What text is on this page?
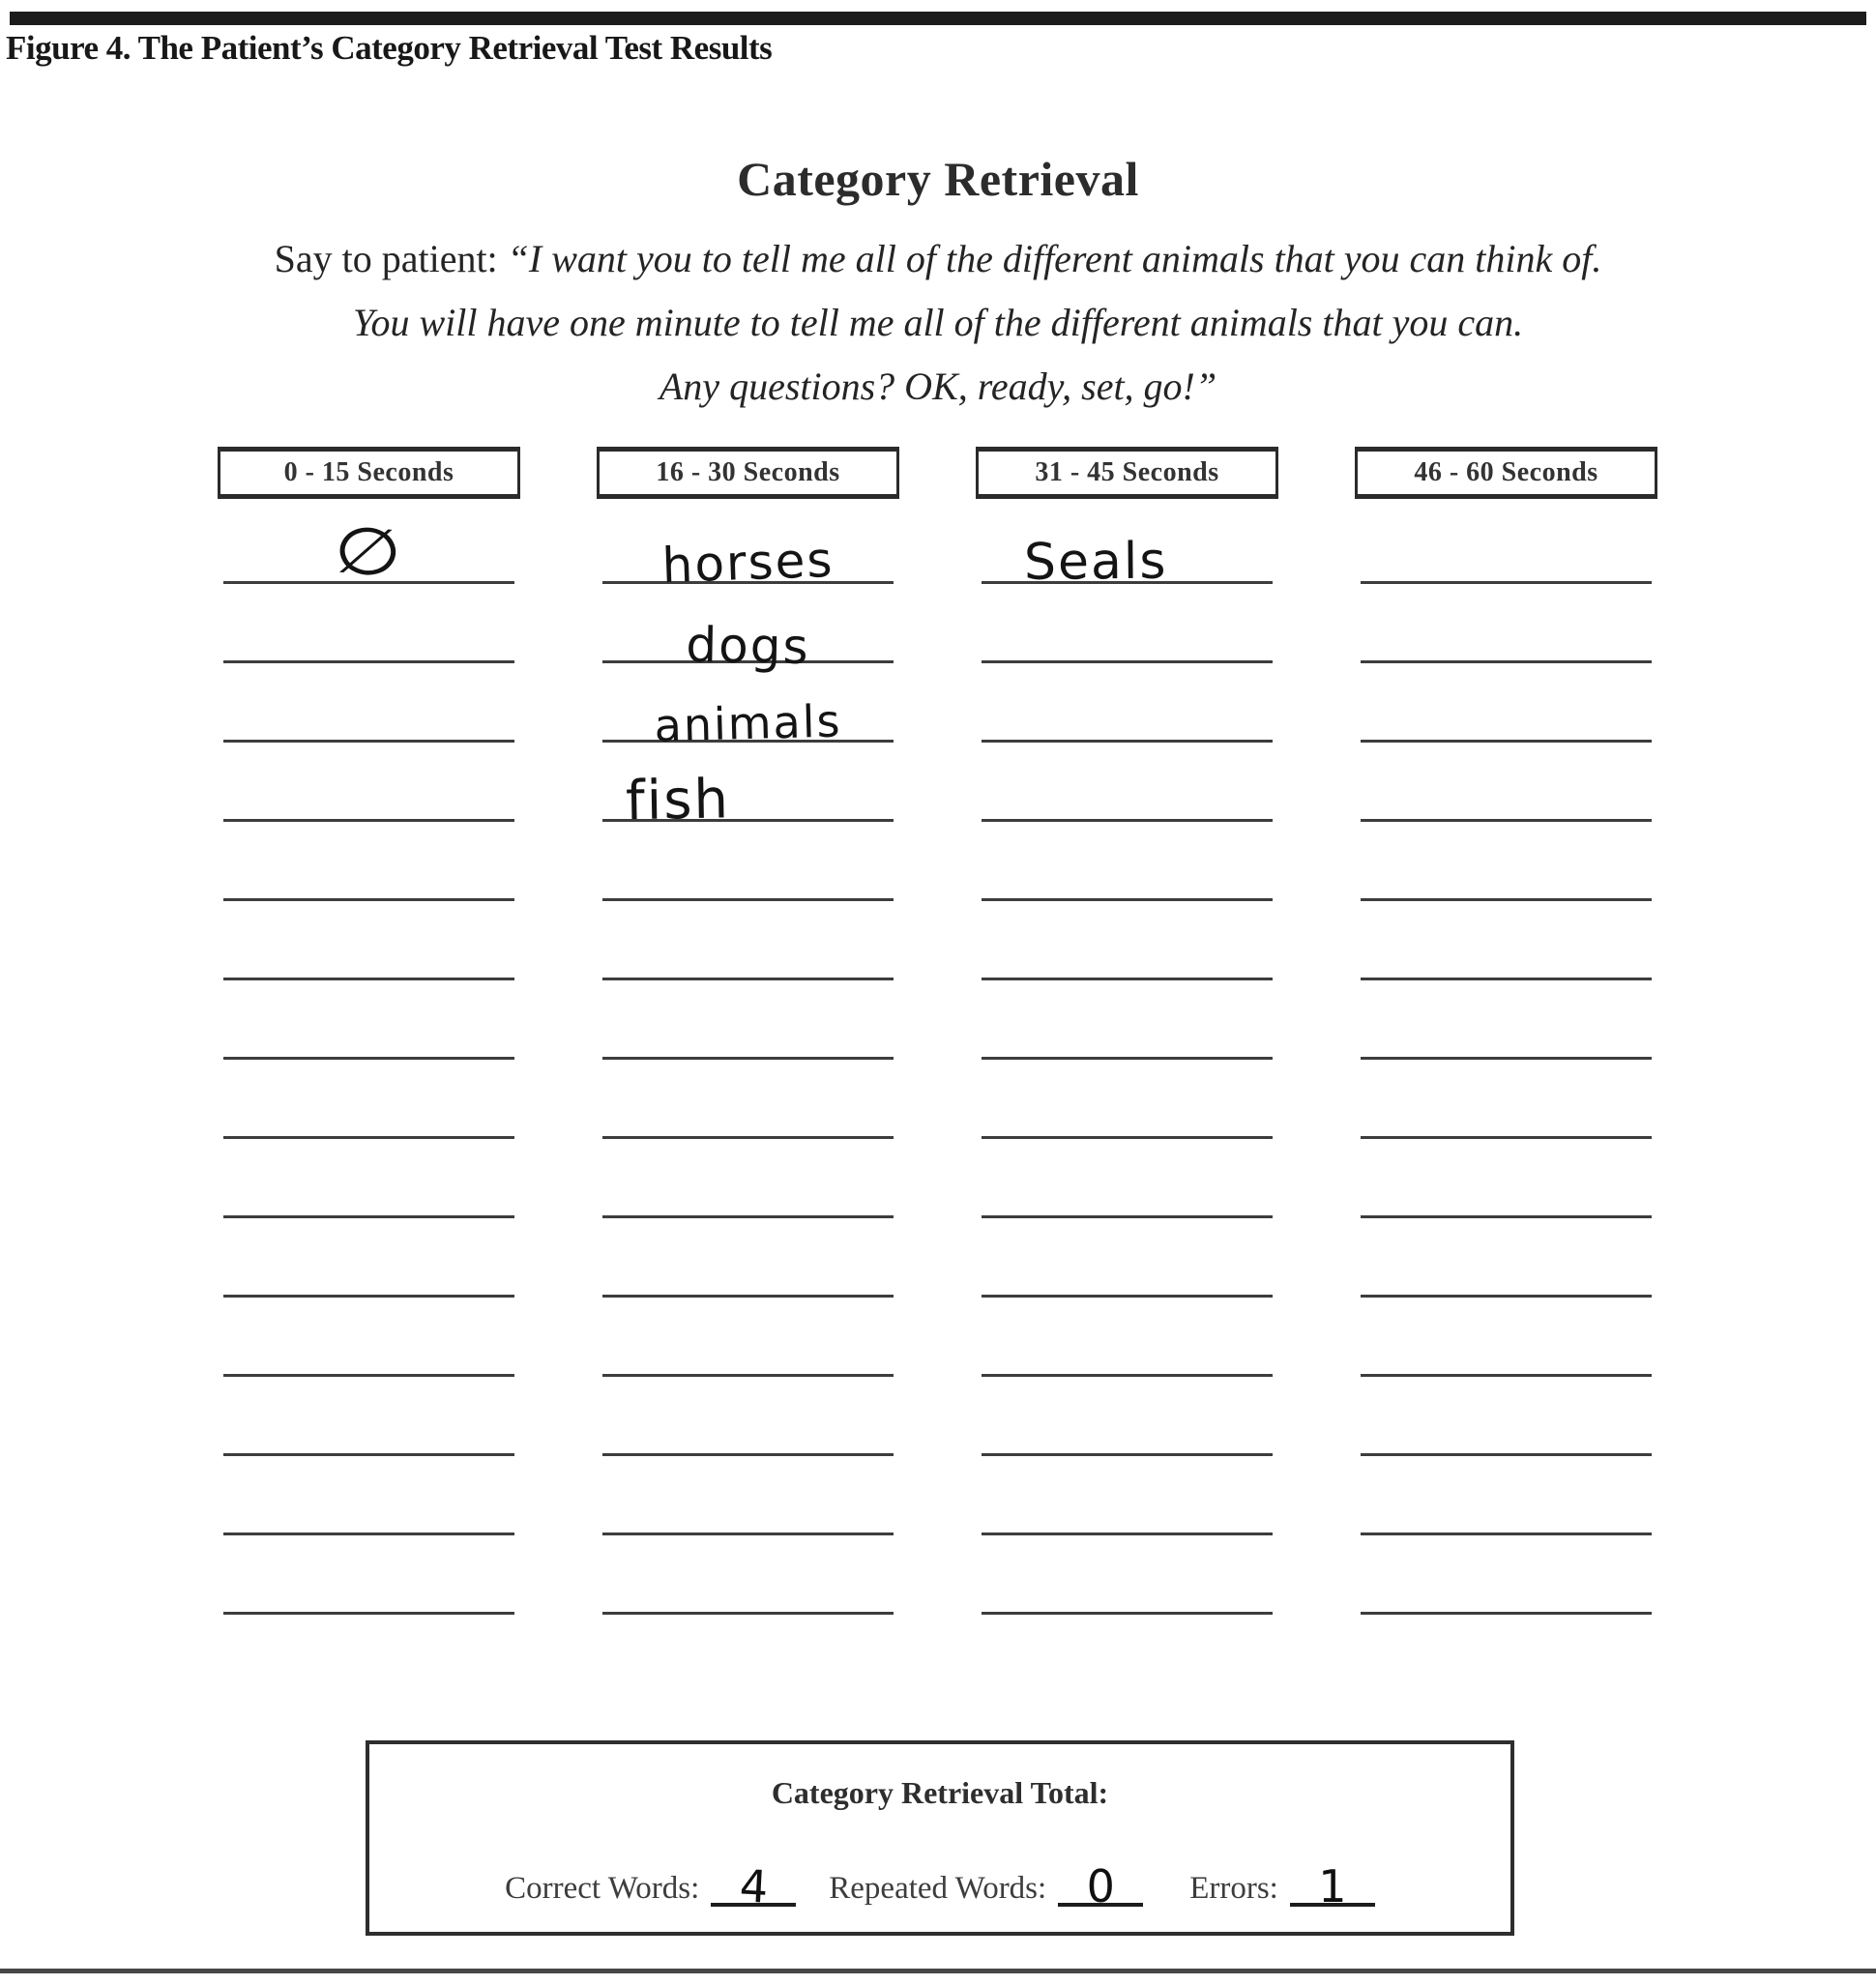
Figure 4. The Patient’s Category Retrieval Test Results
Category Retrieval
Say to patient: “I want you to tell me all of the different animals that you can think of.
You will have one minute to tell me all of the different animals that you can.
Any questions? OK, ready, set, go!”
0 - 15 Seconds
∅
16 - 30 Seconds
horses
dogs
animals
fish
31 - 45 Seconds
Seals
46 - 60 Seconds
Category Retrieval Total:
Correct Words: 4	Repeated Words: 0	Errors: 1
